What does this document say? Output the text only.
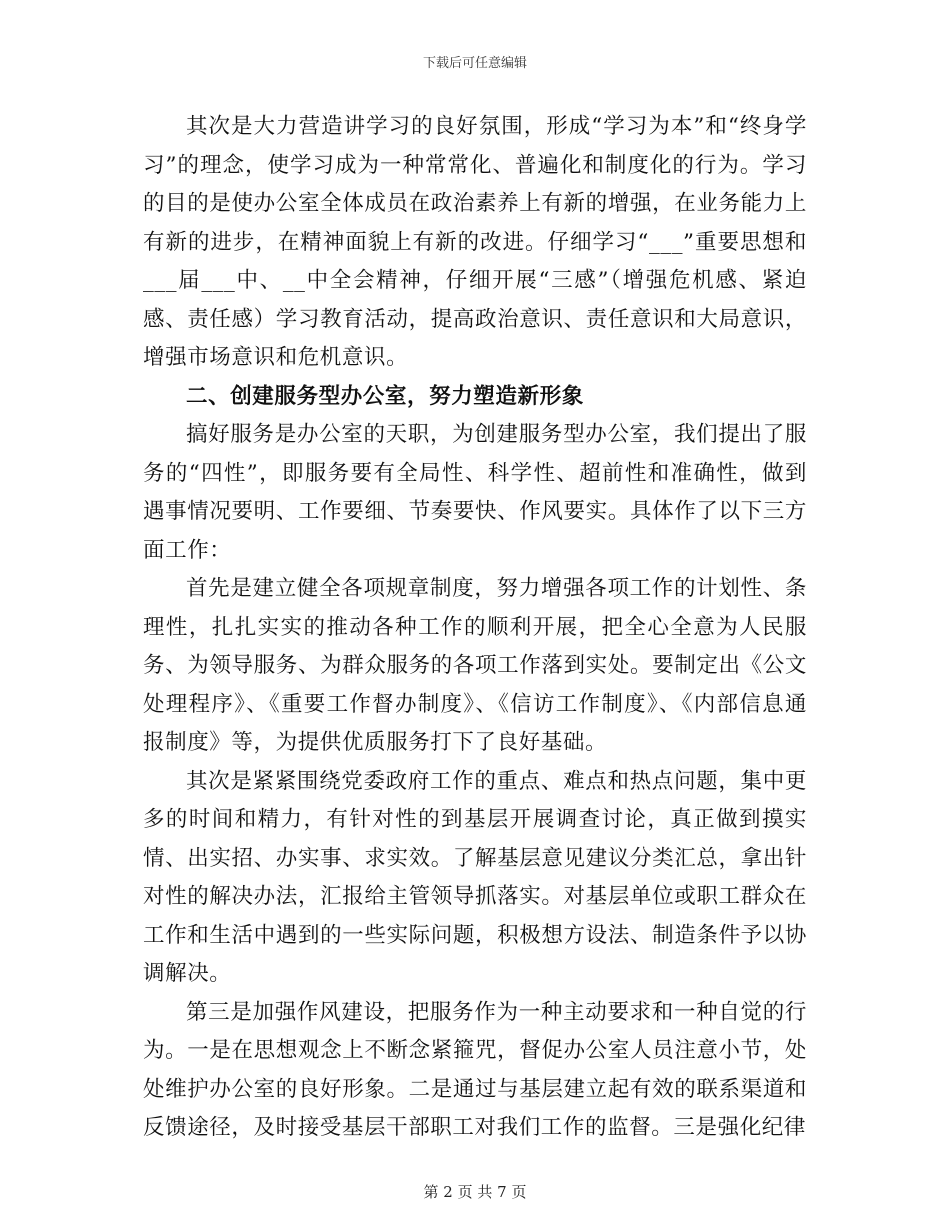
下载后可任意编辑

其次是大力营造讲学习的良好氛围，形成“学习为本”和“终身学习”的理念，使学习成为一种常常化、普遍化和制度化的行为。学习的目的是使办公室全体成员在政治素养上有新的增强，在业务能力上有新的进步，在精神面貌上有新的改进。仔细学习“___”重要思想和___届___中、__中全会精神，仔细开展“三感”（增强危机感、紧迫感、责任感）学习教育活动，提高政治意识、责任意识和大局意识，增强市场意识和危机意识。

二、创建服务型办公室，努力塑造新形象

搞好服务是办公室的天职，为创建服务型办公室，我们提出了服务的“四性”，即服务要有全局性、科学性、超前性和准确性，做到遇事情况要明、工作要细、节奏要快、作风要实。具体作了以下三方面工作：

首先是建立健全各项规章制度，努力增强各项工作的计划性、条理性，扎扎实实的推动各种工作的顺利开展，把全心全意为人民服务、为领导服务、为群众服务的各项工作落到实处。要制定出《公文处理程序》、《重要工作督办制度》、《信访工作制度》、《内部信息通报制度》等，为提供优质服务打下了良好基础。

其次是紧紧围绕党委政府工作的重点、难点和热点问题，集中更多的时间和精力，有针对性的到基层开展调查讨论，真正做到摸实情、出实招、办实事、求实效。了解基层意见建议分类汇总，拿出针对性的解决办法，汇报给主管领导抓落实。对基层单位或职工群众在工作和生活中遇到的一些实际问题，积极想方设法、制造条件予以协调解决。

第三是加强作风建设，把服务作为一种主动要求和一种自觉的行为。一是在思想观念上不断念紧箍咒，督促办公室人员注意小节，处处维护办公室的良好形象。二是通过与基层建立起有效的联系渠道和反馈途径，及时接受基层干部职工对我们工作的监督。三是强化纪律

第 2 页 共 7 页
